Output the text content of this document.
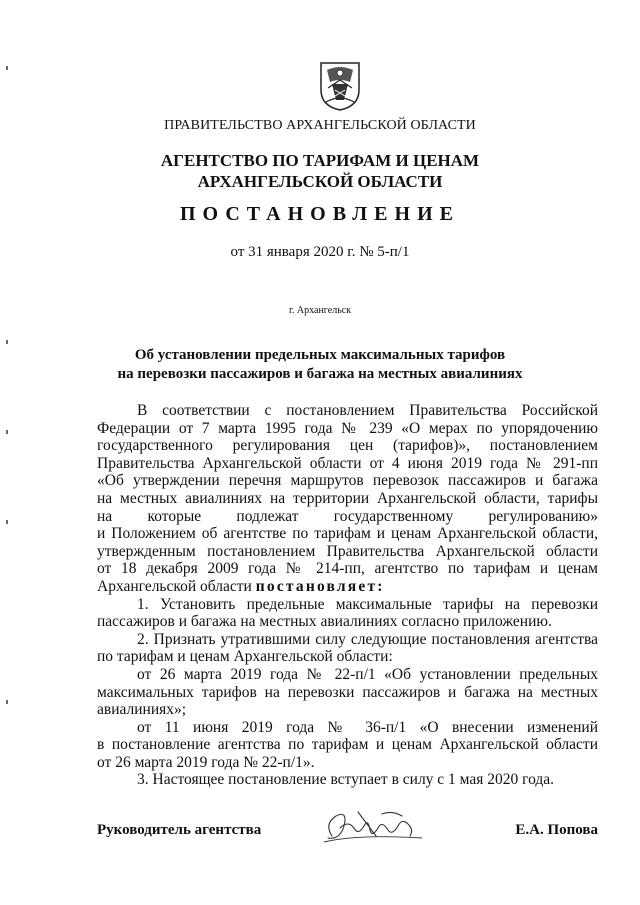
ПРАВИТЕЛЬСТВО АРХАНГЕЛЬСКОЙ ОБЛАСТИ
АГЕНТСТВО ПО ТАРИФАМ И ЦЕНАМ
АРХАНГЕЛЬСКОЙ ОБЛАСТИ
ПОСТАНОВЛЕНИЕ
от 31 января 2020 г. № 5-п/1
г. Архангельск
Об установлении предельных максимальных тарифов
на перевозки пассажиров и багажа на местных авиалиниях
В соответствии с постановлением Правительства Российской
Федерации от 7 марта 1995 года № 239 «О мерах по упорядочению
государственного регулирования цен (тарифов)», постановлением
Правительства Архангельской области от 4 июня 2019 года № 291-пп
«Об утверждении перечня маршрутов перевозок пассажиров и багажа
на местных авиалиниях на территории Архангельской области, тарифы
на которые подлежат государственному регулированию»
и Положением об агентстве по тарифам и ценам Архангельской области,
утвержденным постановлением Правительства Архангельской области
от 18 декабря 2009 года № 214-пп, агентство по тарифам и ценам
Архангельской области постановляет:
1. Установить предельные максимальные тарифы на перевозки
пассажиров и багажа на местных авиалиниях согласно приложению.
2. Признать утратившими силу следующие постановления агентства
по тарифам и ценам Архангельской области:
от 26 марта 2019 года № 22-п/1 «Об установлении предельных
максимальных тарифов на перевозки пассажиров и багажа на местных
авиалиниях»;
от 11 июня 2019 года № 36-п/1 «О внесении изменений
в постановление агентства по тарифам и ценам Архангельской области
от 26 марта 2019 года № 22-п/1».
3. Настоящее постановление вступает в силу с 1 мая 2020 года.
Руководитель агентства	Е.А. Попова
